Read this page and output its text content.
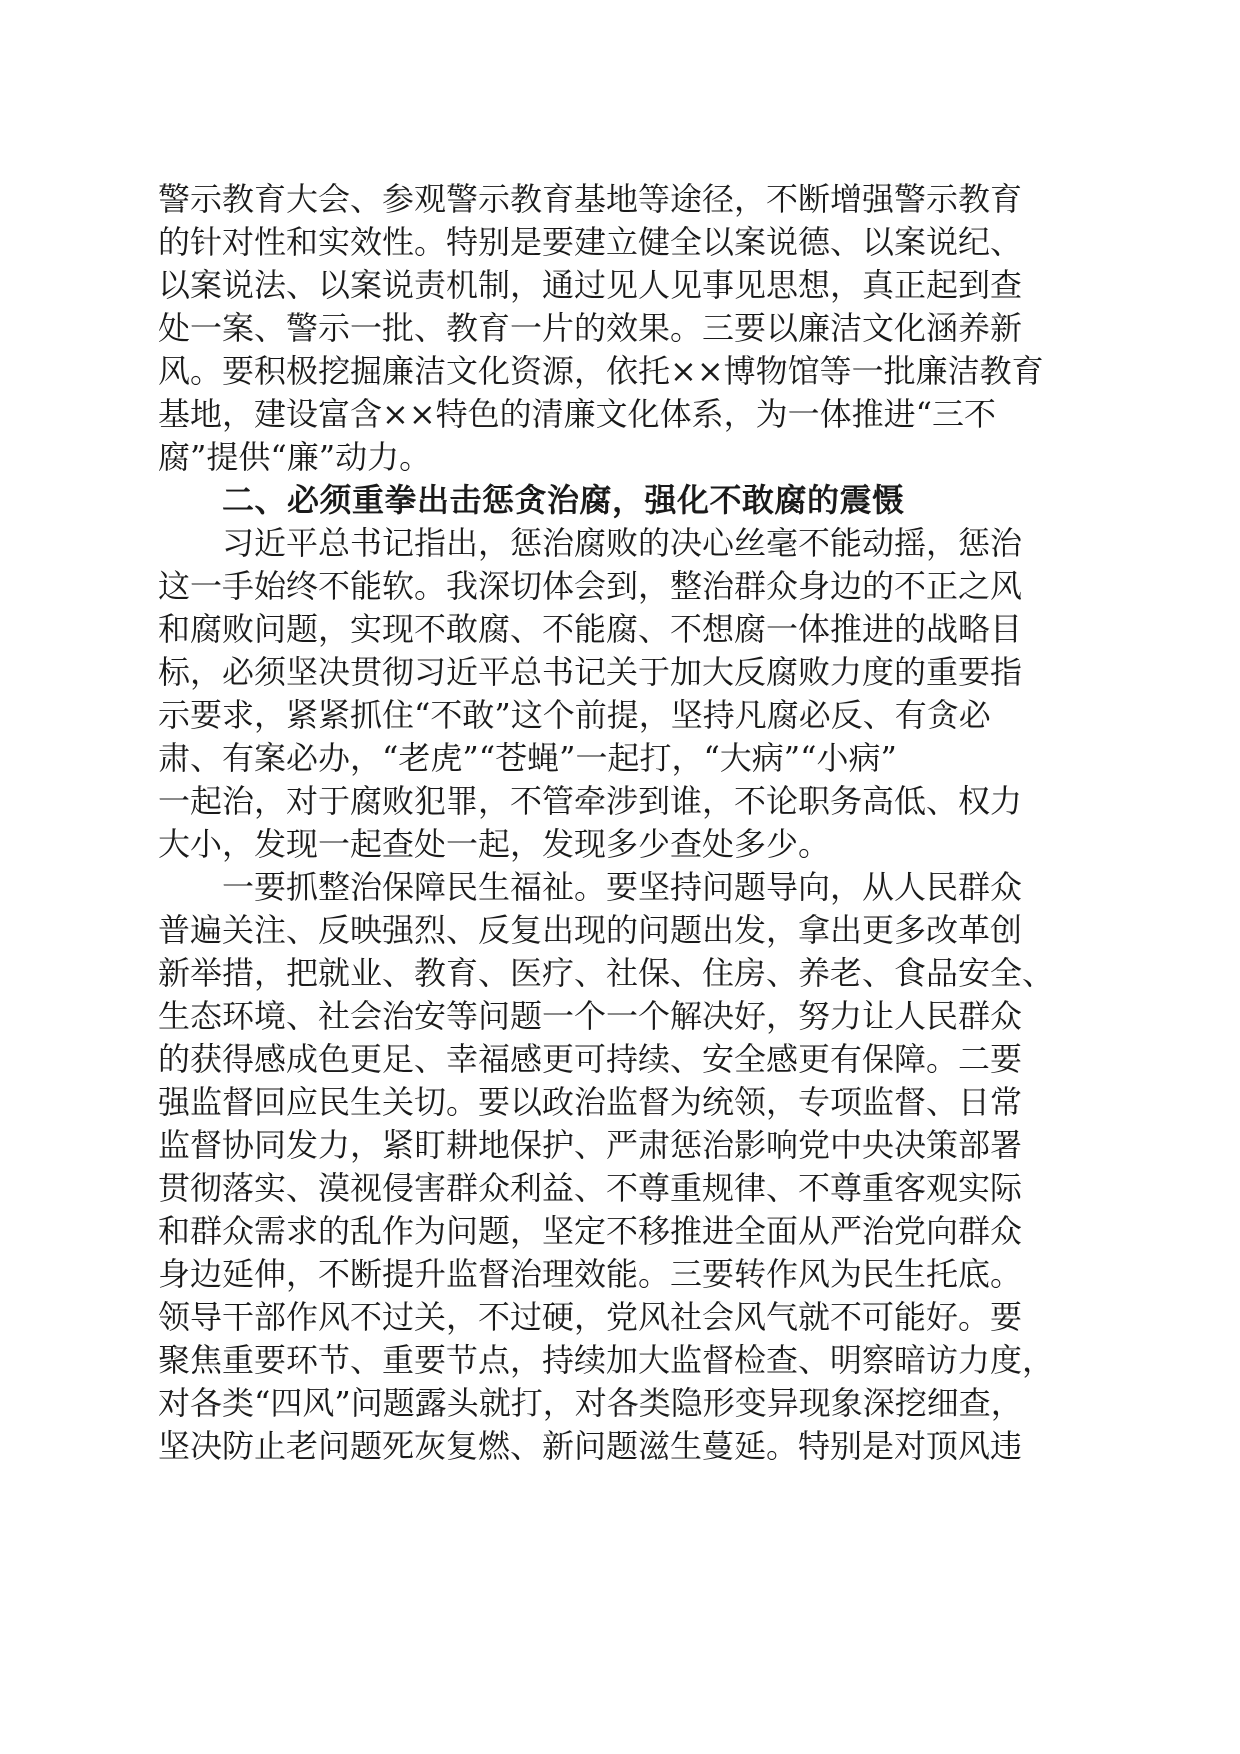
警示教育大会、参观警示教育基地等途径，不断增强警示教育
的针对性和实效性。特别是要建立健全以案说德、以案说纪、
以案说法、以案说责机制，通过见人见事见思想，真正起到查
处一案、警示一批、教育一片的效果。三要以廉洁文化涵养新
风。要积极挖掘廉洁文化资源，依托××博物馆等一批廉洁教育
基地，建设富含××特色的清廉文化体系，为一体推进“三不
腐”提供“廉”动力。
二、必须重拳出击惩贪治腐，强化不敢腐的震慑
习近平总书记指出，惩治腐败的决心丝毫不能动摇，惩治
这一手始终不能软。我深切体会到，整治群众身边的不正之风
和腐败问题，实现不敢腐、不能腐、不想腐一体推进的战略目
标，必须坚决贯彻习近平总书记关于加大反腐败力度的重要指
示要求，紧紧抓住“不敢”这个前提，坚持凡腐必反、有贪必
肃、有案必办，“老虎”“苍蝇”一起打，“大病”“小病”
一起治，对于腐败犯罪，不管牵涉到谁，不论职务高低、权力
大小，发现一起查处一起，发现多少查处多少。
一要抓整治保障民生福祉。要坚持问题导向，从人民群众
普遍关注、反映强烈、反复出现的问题出发，拿出更多改革创
新举措，把就业、教育、医疗、社保、住房、养老、食品安全、
生态环境、社会治安等问题一个一个解决好，努力让人民群众
的获得感成色更足、幸福感更可持续、安全感更有保障。二要
强监督回应民生关切。要以政治监督为统领，专项监督、日常
监督协同发力，紧盯耕地保护、严肃惩治影响党中央决策部署
贯彻落实、漠视侵害群众利益、不尊重规律、不尊重客观实际
和群众需求的乱作为问题，坚定不移推进全面从严治党向群众
身边延伸，不断提升监督治理效能。三要转作风为民生托底。
领导干部作风不过关，不过硬，党风社会风气就不可能好。要
聚焦重要环节、重要节点，持续加大监督检查、明察暗访力度，
对各类“四风”问题露头就打，对各类隐形变异现象深挖细查，
坚决防止老问题死灰复燃、新问题滋生蔓延。特别是对顶风违
